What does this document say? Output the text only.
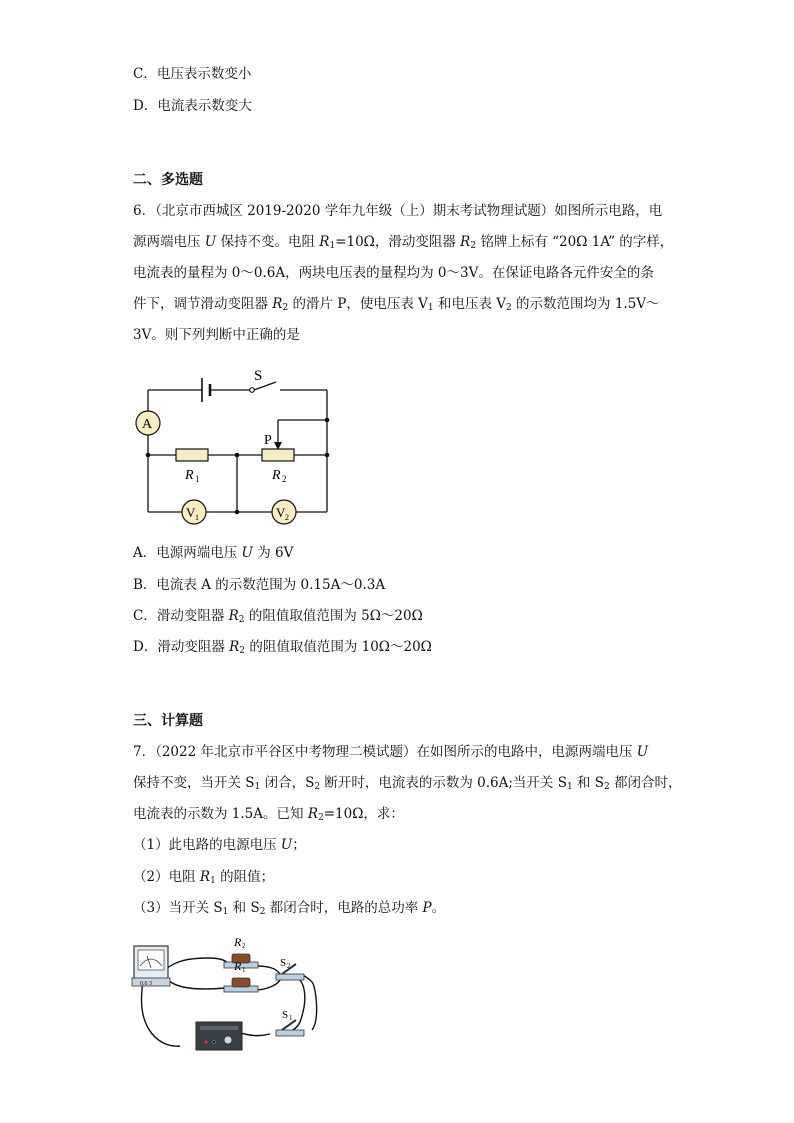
C．电压表示数变小
D．电流表示数变大
二、多选题
6．（北京市西城区 2019-2020 学年九年级（上）期末考试物理试题）如图所示电路，电
源两端电压 U 保持不变。电阻 $R_1=10\Omega$，滑动变阻器 $R_2$ 铭牌上标有 “20Ω 1A” 的字样，
电流表的量程为 0～0.6A，两块电压表的量程均为 0～3V。在保证电路各元件安全的条
件下，调节滑动变阻器 $R_2$ 的滑片 P，使电压表 $V_1$ 和电压表 $V_2$ 的示数范围均为 1.5V～
3V。则下列判断中正确的是
S
A
P
R 1	R 2
V 1	V 2
A．电源两端电压 U 为 6V
B．电流表 A 的示数范围为 0.15A～0.3A
C．滑动变阻器 $R_2$ 的阻值取值范围为 5Ω～20Ω
D．滑动变阻器 $R_2$ 的阻值取值范围为 10Ω～20Ω
三、计算题
7．（2022 年北京市平谷区中考物理二模试题）在如图所示的电路中，电源两端电压 U
保持不变，当开关 $S_1$ 闭合，$S_2$ 断开时，电流表的示数为 0.6A;当开关 $S_1$ 和 $S_2$ 都闭合时，
电流表的示数为 1.5A。已知 $R_2=10\Omega$，求：
（1）此电路的电源电压 U；
（2）电阻 $R_1$ 的阻值；
（3）当开关 $S_1$ 和 $S_2$ 都闭合时，电路的总功率 P。
0.6 3
R 2
R 1
S 2
S 1
